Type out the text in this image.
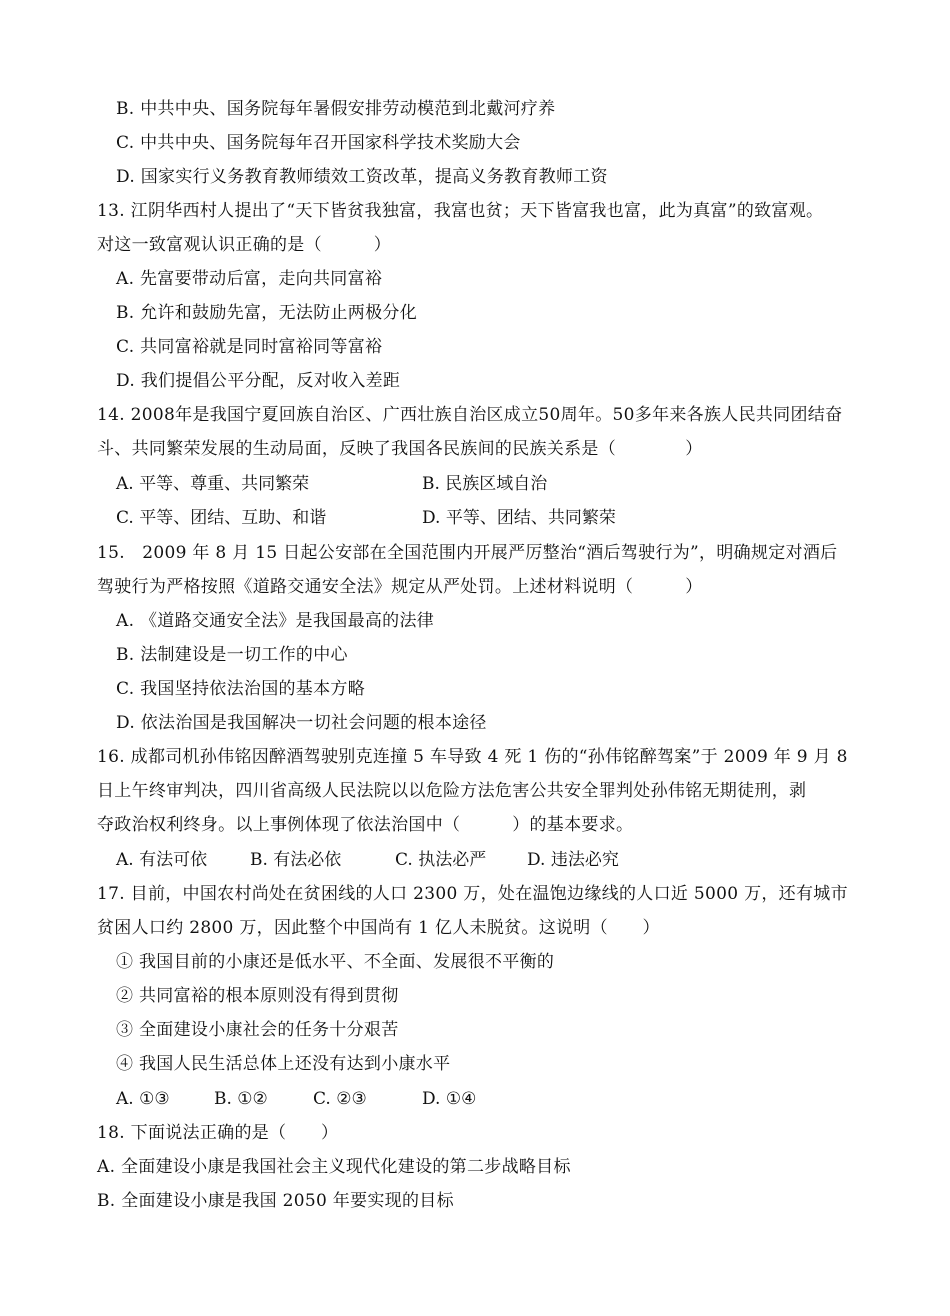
B. 中共中央、国务院每年暑假安排劳动模范到北戴河疗养
C. 中共中央、国务院每年召开国家科学技术奖励大会
D. 国家实行义务教育教师绩效工资改革，提高义务教育教师工资
13. 江阴华西村人提出了“天下皆贫我独富，我富也贫；天下皆富我也富，此为真富”的致富观。
对这一致富观认识正确的是（　　　）
A. 先富要带动后富，走向共同富裕
B. 允许和鼓励先富，无法防止两极分化
C. 共同富裕就是同时富裕同等富裕
D. 我们提倡公平分配，反对收入差距
14. 2008年是我国宁夏回族自治区、广西壮族自治区成立50周年。50多年来各族人民共同团结奋
斗、共同繁荣发展的生动局面，反映了我国各民族间的民族关系是（　　　　）
A. 平等、尊重、共同繁荣	B. 民族区域自治
C. 平等、团结、互助、和谐	D. 平等、团结、共同繁荣
15.　2009 年 8 月 15 日起公安部在全国范围内开展严厉整治“酒后驾驶行为”，明确规定对酒后
驾驶行为严格按照《道路交通安全法》规定从严处罚。上述材料说明（　　　）
A. 《道路交通安全法》是我国最高的法律
B. 法制建设是一切工作的中心
C. 我国坚持依法治国的基本方略
D. 依法治国是我国解决一切社会问题的根本途径
16. 成都司机孙伟铭因醉酒驾驶别克连撞 5 车导致 4 死 1 伤的“孙伟铭醉驾案”于 2009 年 9 月 8
日上午终审判决，四川省高级人民法院以以危险方法危害公共安全罪判处孙伟铭无期徒刑，剥
夺政治权利终身。以上事例体现了依法治国中（　　　）的基本要求。
A. 有法可依	B. 有法必依	C. 执法必严 D. 违法必究
17. 目前，中国农村尚处在贫困线的人口 2300 万，处在温饱边缘线的人口近 5000 万，还有城市
贫困人口约 2800 万，因此整个中国尚有 1 亿人未脱贫。这说明（　　）
① 我国目前的小康还是低水平、不全面、发展很不平衡的
② 共同富裕的根本原则没有得到贯彻
③ 全面建设小康社会的任务十分艰苦
④ 我国人民生活总体上还没有达到小康水平
A. ①③	B. ①②	C. ②③	D. ①④
18. 下面说法正确的是（　　）
A. 全面建设小康是我国社会主义现代化建设的第二步战略目标
B. 全面建设小康是我国 2050 年要实现的目标
